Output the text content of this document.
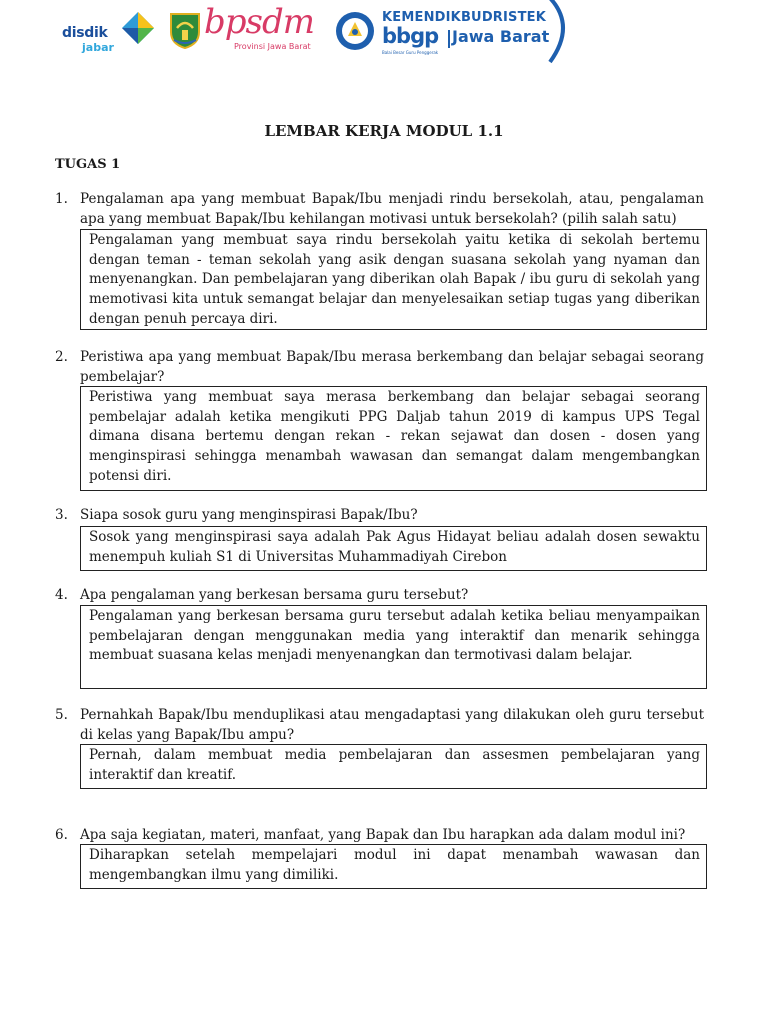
disdik
jabar
bpsdm
Provinsi Jawa Barat
KEMENDIKBUDRISTEK
bbgp Jawa Barat
Balai Besar Guru Penggerak
LEMBAR KERJA MODUL 1.1
TUGAS 1
1. Pengalaman apa yang membuat Bapak/Ibu menjadi rindu bersekolah, atau, pengalaman apa yang membuat Bapak/Ibu kehilangan motivasi untuk bersekolah? (pilih salah satu)
Pengalaman yang membuat saya rindu bersekolah yaitu ketika di sekolah bertemu dengan teman - teman sekolah yang asik dengan suasana sekolah yang nyaman dan menyenangkan. Dan pembelajaran yang diberikan olah Bapak / ibu guru di sekolah yang memotivasi kita untuk semangat belajar dan menyelesaikan setiap tugas yang diberikan dengan penuh percaya diri.
2. Peristiwa apa yang membuat Bapak/Ibu merasa berkembang dan belajar sebagai seorang pembelajar?
Peristiwa yang membuat saya merasa berkembang dan belajar sebagai seorang pembelajar adalah ketika mengikuti PPG Daljab tahun 2019 di kampus UPS Tegal dimana disana bertemu dengan rekan - rekan sejawat dan dosen - dosen yang menginspirasi sehingga menambah wawasan dan semangat dalam mengembangkan potensi diri.
3. Siapa sosok guru yang menginspirasi Bapak/Ibu?
Sosok yang menginspirasi saya adalah Pak Agus Hidayat beliau adalah dosen sewaktu menempuh kuliah S1 di Universitas Muhammadiyah Cirebon
4. Apa pengalaman yang berkesan bersama guru tersebut?
Pengalaman yang berkesan bersama guru tersebut adalah ketika beliau menyampaikan pembelajaran dengan menggunakan media yang interaktif dan menarik sehingga membuat suasana kelas menjadi menyenangkan dan termotivasi dalam belajar.
5. Pernahkah Bapak/Ibu menduplikasi atau mengadaptasi yang dilakukan oleh guru tersebut di kelas yang Bapak/Ibu ampu?
Pernah, dalam membuat media pembelajaran dan assesmen pembelajaran yang interaktif dan kreatif.
6. Apa saja kegiatan, materi, manfaat, yang Bapak dan Ibu harapkan ada dalam modul ini?
Diharapkan setelah mempelajari modul ini dapat menambah wawasan dan mengembangkan ilmu yang dimiliki.
